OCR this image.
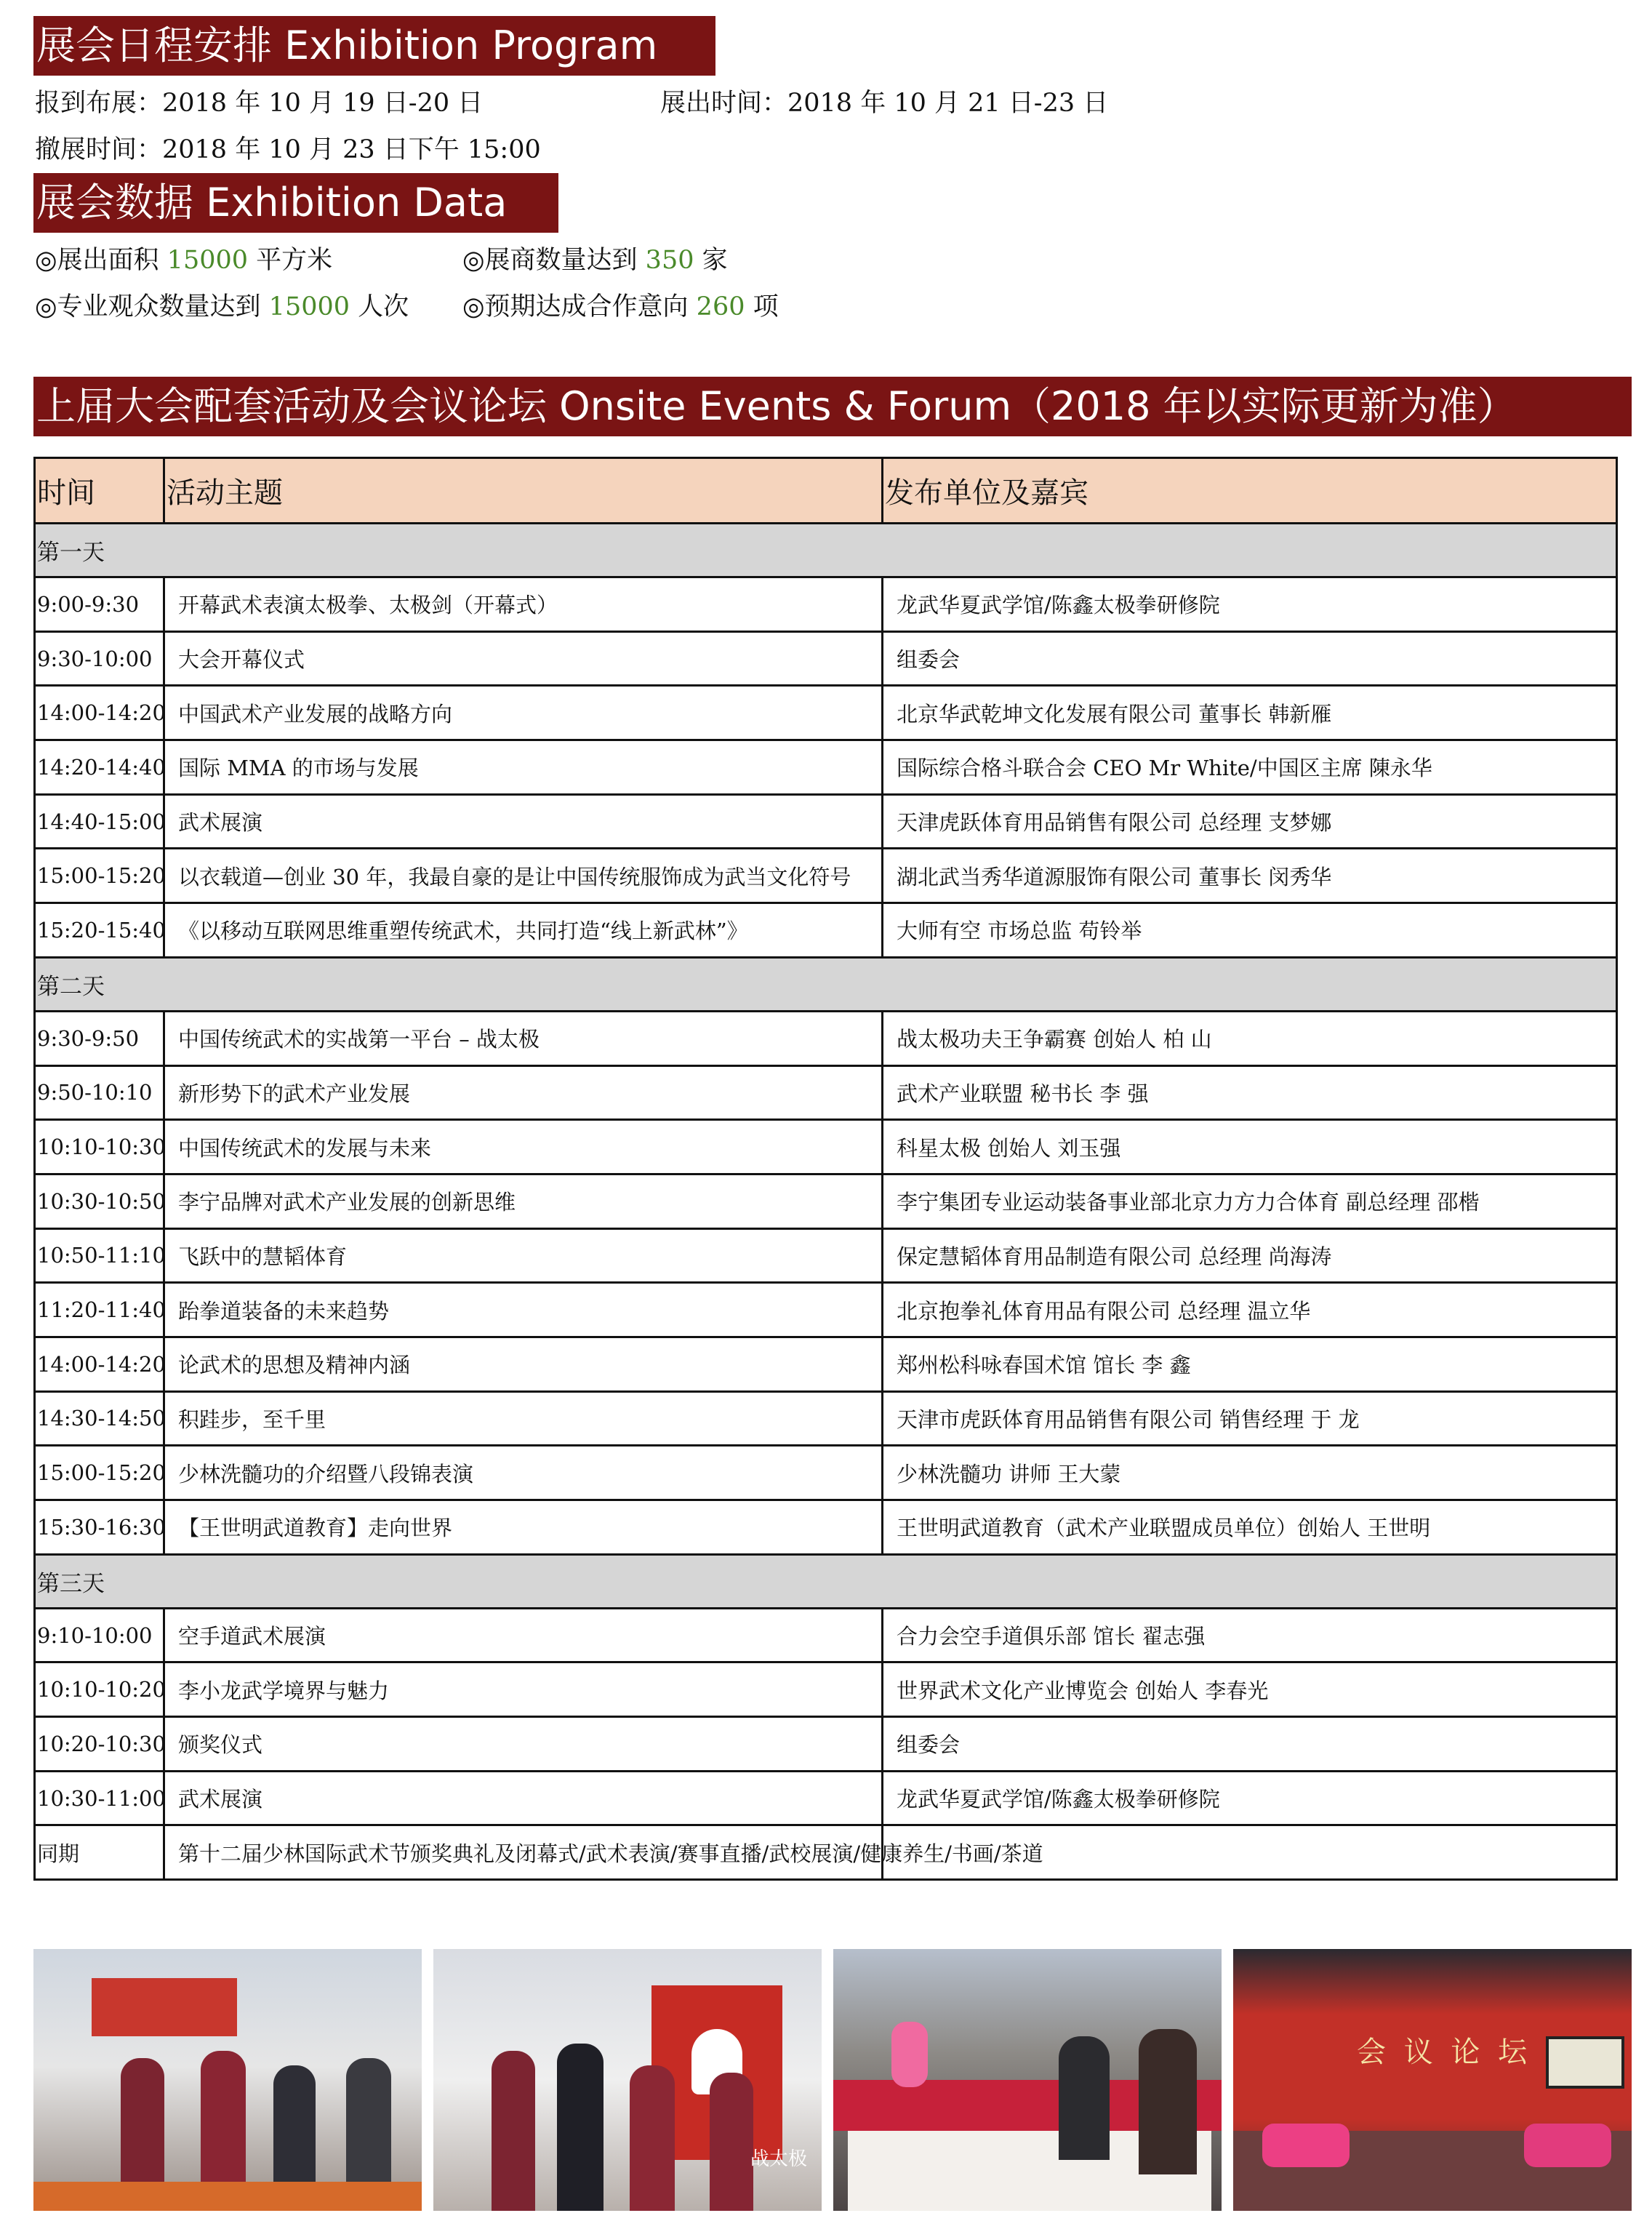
展会日程安排 Exhibition Program
报到布展：2018 年 10 月 19 日-20 日	展出时间：2018 年 10 月 21 日-23 日
撤展时间：2018 年 10 月 23 日下午 15:00
展会数据 Exhibition Data
◎展出面积 15000 平方米	◎展商数量达到 350 家
◎专业观众数量达到 15000 人次 ◎预期达成合作意向 260 项
上届大会配套活动及会议论坛 Onsite Events & Forum（2018 年以实际更新为准）
时间	活动主题	发布单位及嘉宾
第一天		
9:00-9:30	开幕武术表演太极拳、太极剑（开幕式）	龙武华夏武学馆/陈鑫太极拳研修院
9:30-10:00	大会开幕仪式	组委会
14:00-14:20	中国武术产业发展的战略方向	北京华武乾坤文化发展有限公司 董事长 韩新雁
14:20-14:40	国际 MMA 的市场与发展	国际综合格斗联合会 CEO Mr White/中国区主席 陳永华
14:40-15:00	武术展演	天津虎跃体育用品销售有限公司 总经理 支梦娜
15:00-15:20	以衣载道—创业 30 年，我最自豪的是让中国传统服饰成为武当文化符号	湖北武当秀华道源服饰有限公司 董事长 闵秀华
15:20-15:40	《以移动互联网思维重塑传统武术，共同打造“线上新武林”》	大师有空 市场总监 苟铃举
第二天		
9:30-9:50	中国传统武术的实战第一平台 – 战太极	战太极功夫王争霸赛 创始人 柏 山
9:50-10:10	新形势下的武术产业发展	武术产业联盟 秘书长 李 强
10:10-10:30	中国传统武术的发展与未来	科星太极 创始人 刘玉强
10:30-10:50	李宁品牌对武术产业发展的创新思维	李宁集团专业运动装备事业部北京力方力合体育 副总经理 邵楷
10:50-11:10	飞跃中的慧韬体育	保定慧韬体育用品制造有限公司 总经理 尚海涛
11:20-11:40	跆拳道装备的未来趋势	北京抱拳礼体育用品有限公司 总经理 温立华
14:00-14:20	论武术的思想及精神内涵	郑州松科咏春国术馆 馆长 李 鑫
14:30-14:50	积跬步，至千里	天津市虎跃体育用品销售有限公司 销售经理 于 龙
15:00-15:20	少林洗髓功的介绍暨八段锦表演	少林洗髓功 讲师 王大蒙
15:30-16:30	【王世明武道教育】走向世界	王世明武道教育（武术产业联盟成员单位）创始人 王世明
第三天		
9:10-10:00	空手道武术展演	合力会空手道俱乐部 馆长 翟志强
10:10-10:20	李小龙武学境界与魅力	世界武术文化产业博览会 创始人 李春光
10:20-10:30	颁奖仪式	组委会
10:30-11:00	武术展演	龙武华夏武学馆/陈鑫太极拳研修院
同期	第十二届少林国际武术节颁奖典礼及闭幕式/武术表演/赛事直播/武校展演/健康养生/书画/茶道	
战太极
会 议 论 坛
